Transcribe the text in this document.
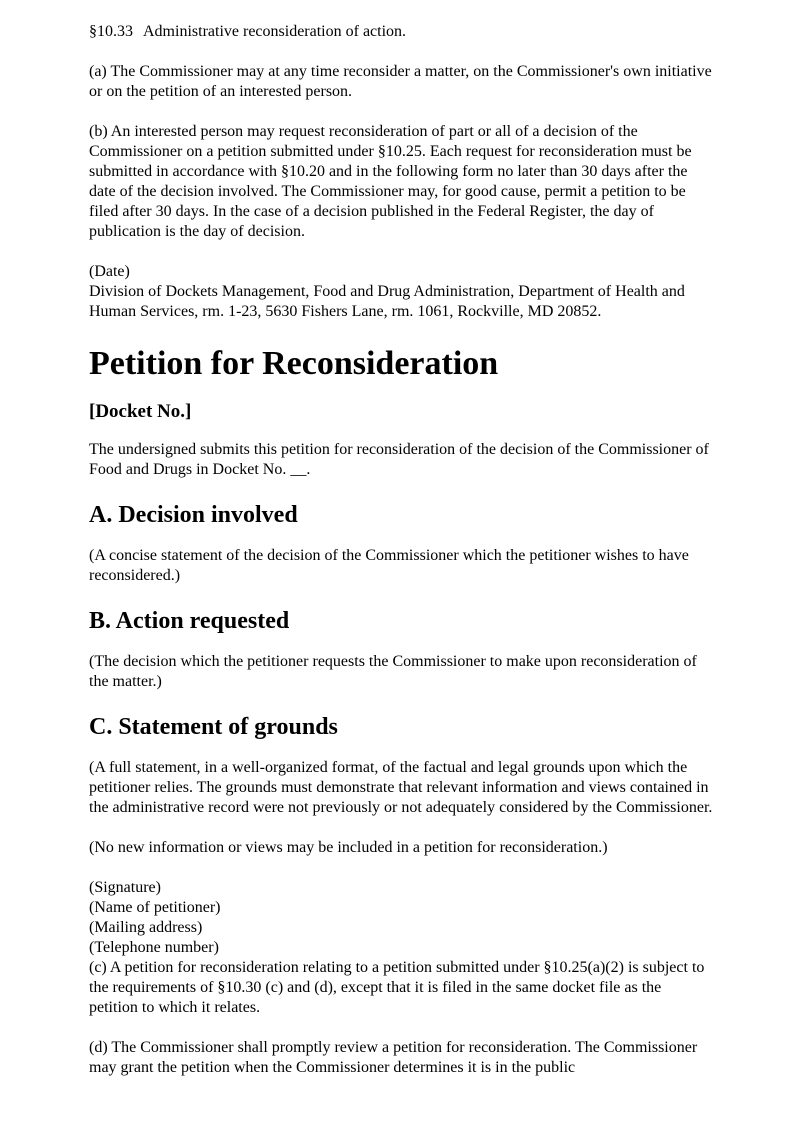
§10.33 Administrative reconsideration of action.

(a) The Commissioner may at any time reconsider a matter, on the Commissioner's own initiative or on the petition of an interested person.

(b) An interested person may request reconsideration of part or all of a decision of the Commissioner on a petition submitted under §10.25. Each request for reconsideration must be submitted in accordance with §10.20 and in the following form no later than 30 days after the date of the decision involved. The Commissioner may, for good cause, permit a petition to be filed after 30 days. In the case of a decision published in the Federal Register, the day of publication is the day of decision.

(Date)

Division of Dockets Management, Food and Drug Administration, Department of Health and Human Services, rm. 1-23, 5630 Fishers Lane, rm. 1061, Rockville, MD 20852.

Petition for Reconsideration
[Docket No.]

The undersigned submits this petition for reconsideration of the decision of the Commissioner of Food and Drugs in Docket No. __.

A. Decision involved

(A concise statement of the decision of the Commissioner which the petitioner wishes to have reconsidered.)

B. Action requested

(The decision which the petitioner requests the Commissioner to make upon reconsideration of the matter.)

C. Statement of grounds

(A full statement, in a well-organized format, of the factual and legal grounds upon which the petitioner relies. The grounds must demonstrate that relevant information and views contained in the administrative record were not previously or not adequately considered by the Commissioner.

(No new information or views may be included in a petition for reconsideration.)

(Signature)

(Name of petitioner)

(Mailing address)

(Telephone number)

(c) A petition for reconsideration relating to a petition submitted under §10.25(a)(2) is subject to the requirements of §10.30 (c) and (d), except that it is filed in the same docket file as the petition to which it relates.

(d) The Commissioner shall promptly review a petition for reconsideration. The Commissioner may grant the petition when the Commissioner determines it is in the public
